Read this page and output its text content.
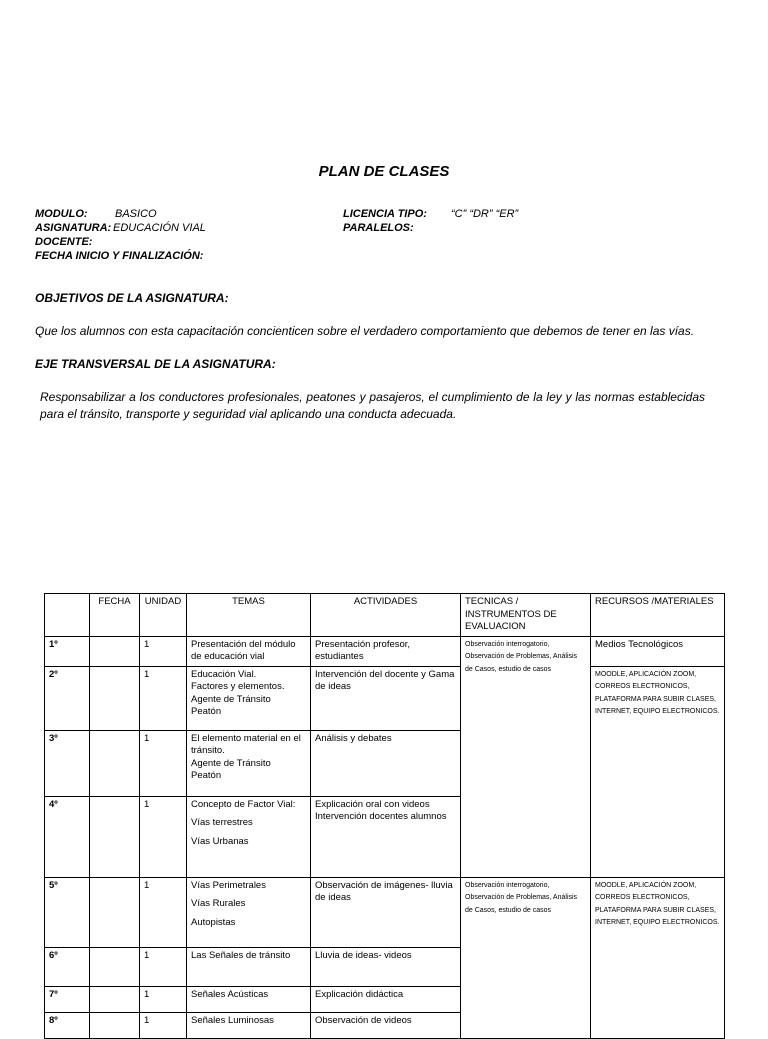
PLAN DE CLASES
MODULO: BASICO
ASIGNATURA: EDUCACIÓN VIAL
DOCENTE:
FECHA INICIO Y FINALIZACIÓN:
LICENCIA TIPO: “C” “DR” “ER”
PARALELOS:
OBJETIVOS DE LA ASIGNATURA:
Que los alumnos con esta capacitación concienticen sobre el verdadero comportamiento que debemos de tener en las vías.
EJE TRANSVERSAL DE LA ASIGNATURA:
Responsabilizar a los conductores profesionales, peatones y pasajeros, el cumplimiento de la ley y las normas establecidas para el tránsito, transporte y seguridad vial aplicando una conducta adecuada.
	FECHA	UNIDAD	TEMAS	ACTIVIDADES	TECNICAS / INSTRUMENTOS DE EVALUACION	RECURSOS /MATERIALES
1º		1	Presentación del módulo de educación vial	Presentación profesor, estudiantes	Observación interrogatorio, Observación de Problemas, Análisis de Casos, estudio de casos	Medios Tecnológicos
2º		1	Educación Vial.
Factores y elementos.
Agente de Tránsito
Peatón	Intervención del docente y Gama de ideas		MOODLE, APLICACIÓN ZOOM, CORREOS ELECTRONICOS, PLATAFORMA PARA SUBIR CLASES, INTERNET, EQUIPO ELECTRONICOS.
3º		1	El elemento material en el tránsito.
Agente de Tránsito
Peatón	Análisis y debates		
4º		1	Concepto de Factor Vial:
Vías terrestres
Vías Urbanas	Explicación oral con videos Intervención docentes alumnos		
5º		1	Vías Perimetrales
Vías Rurales
Autopistas	Observación de imágenes- lluvia de ideas	Observación interrogatorio, Observación de Problemas, Análisis de Casos, estudio de casos	MOODLE, APLICACIÓN ZOOM, CORREOS ELECTRONICOS, PLATAFORMA PARA SUBIR CLASES, INTERNET, EQUIPO ELECTRONICOS.
6º		1	Las Señales de tránsito	Lluvia de ideas- videos		
7º		1	Señales Acústicas	Explicación didáctica		
8º		1	Señales Luminosas	Observación de videos		
